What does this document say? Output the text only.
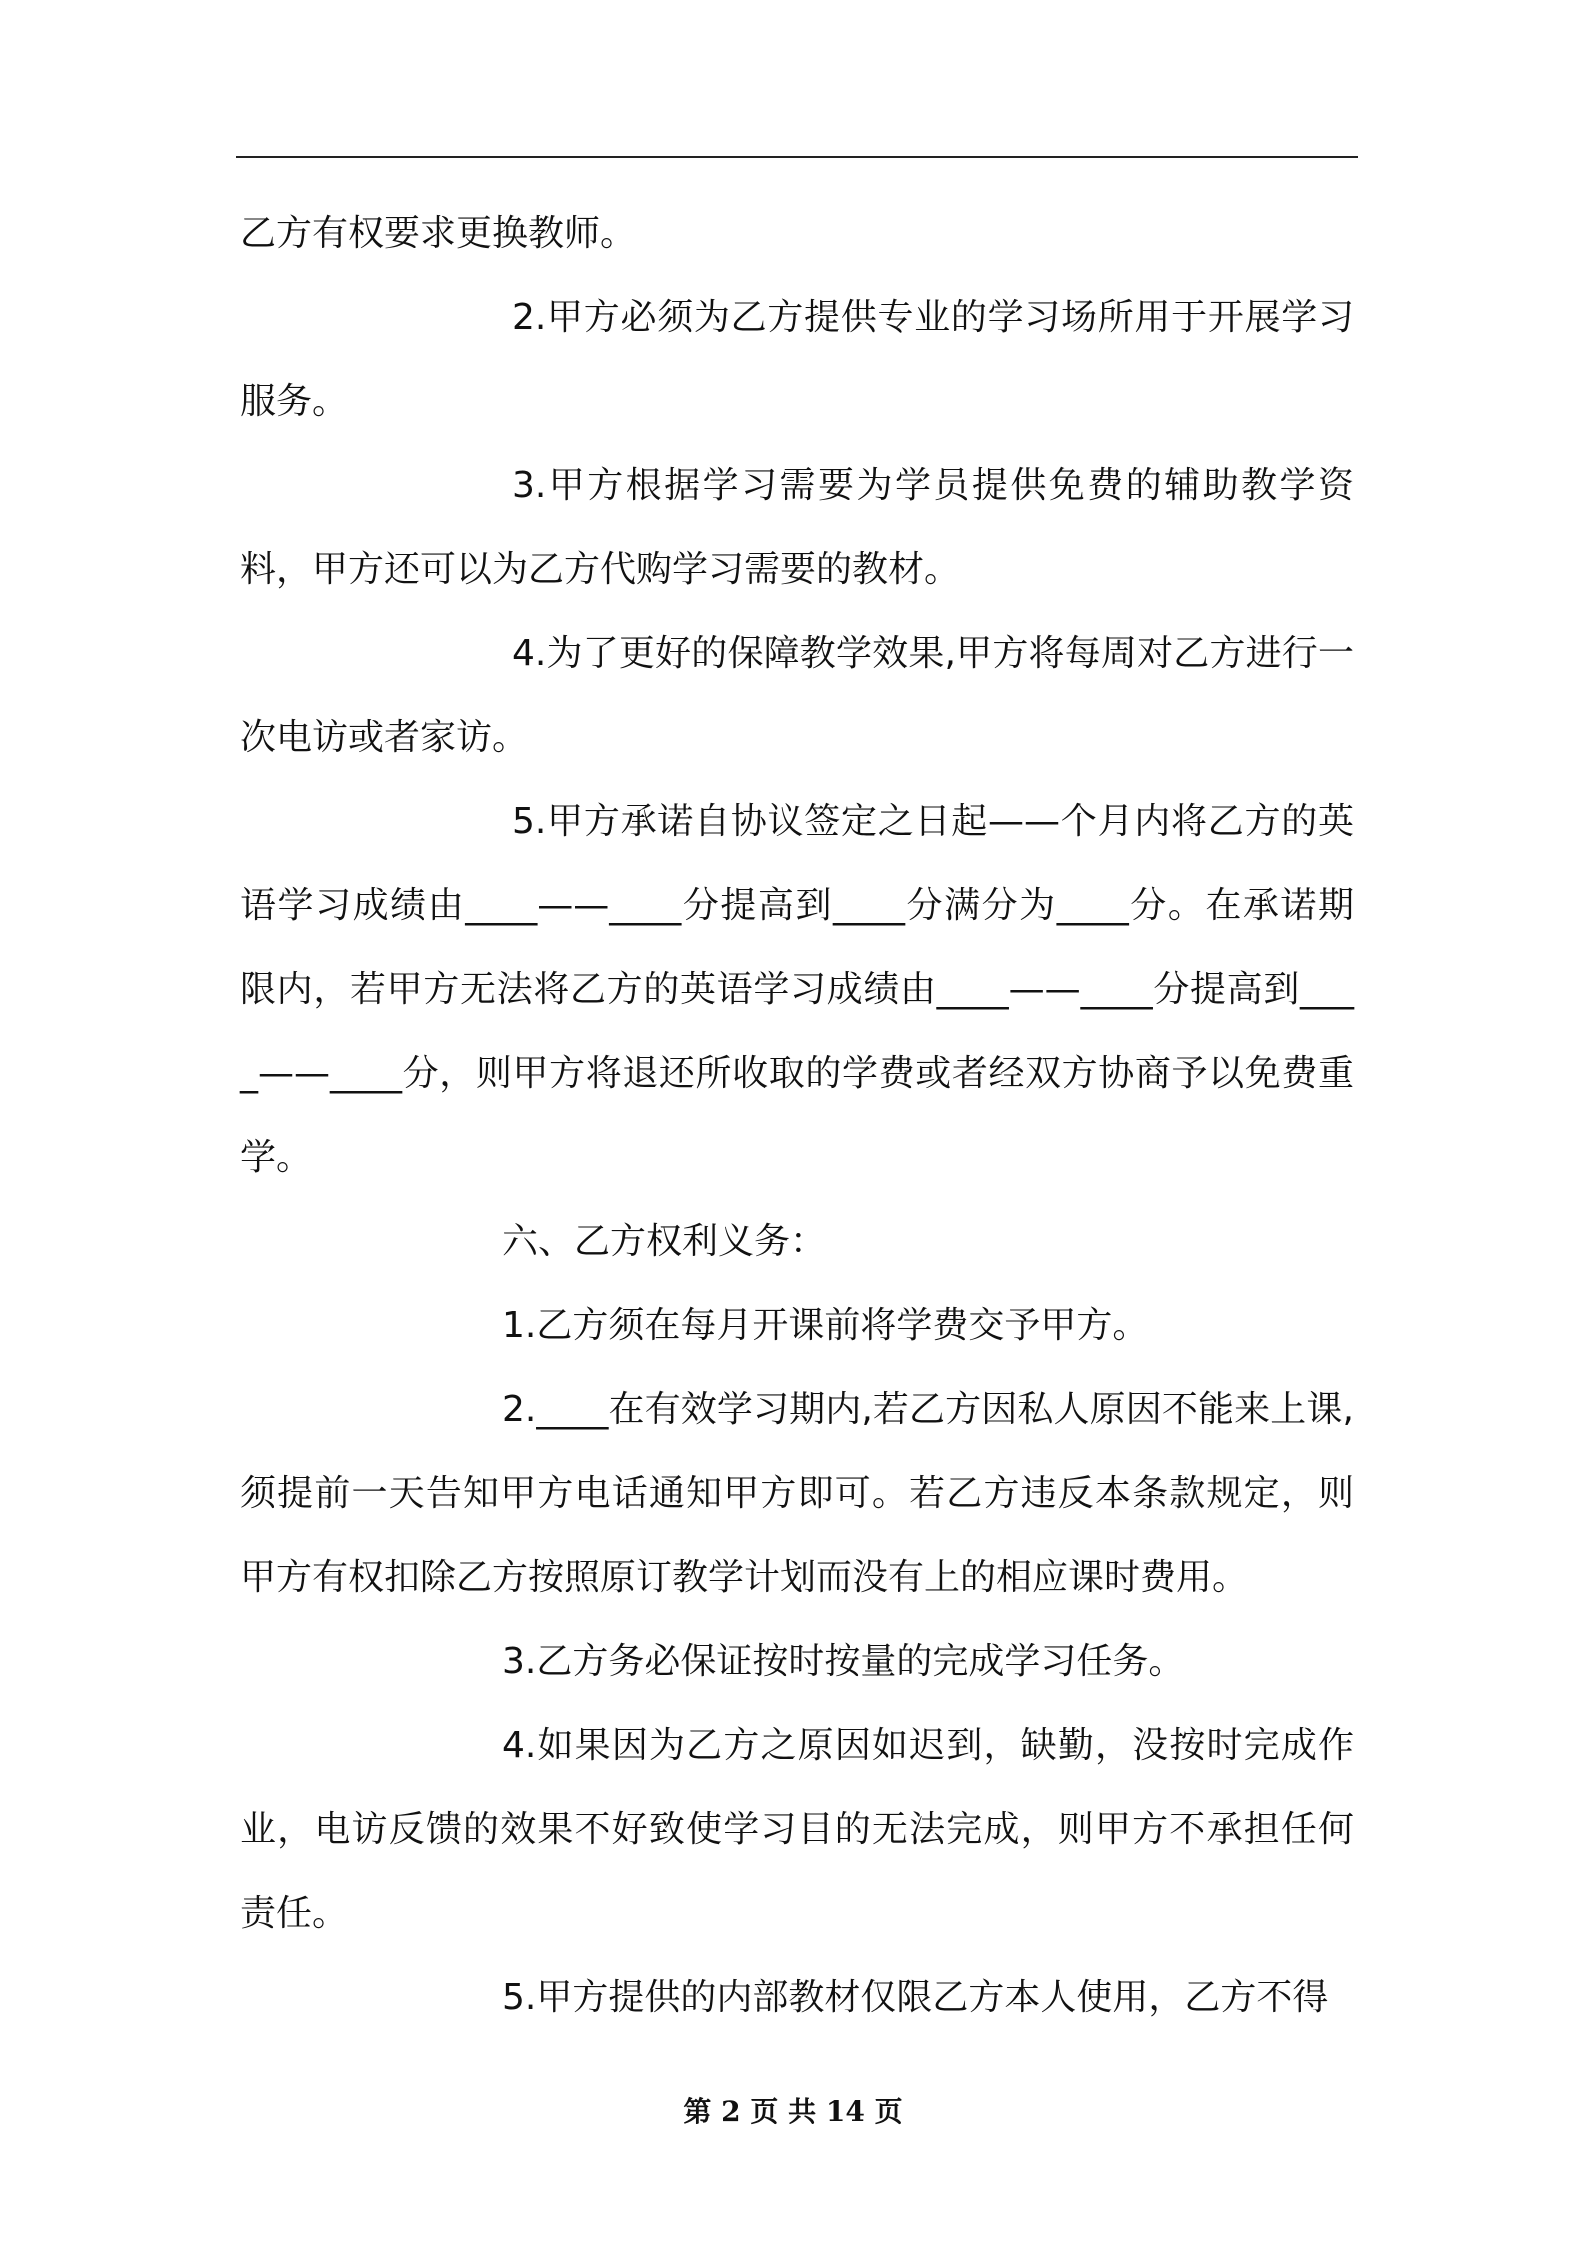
乙方有权要求更换教师。

2.甲方必须为乙方提供专业的学习场所用于开展学习服务。

3.甲方根据学习需要为学员提供免费的辅助教学资料，甲方还可以为乙方代购学习需要的教材。

4.为了更好的保障教学效果,甲方将每周对乙方进行一次电访或者家访。

5.甲方承诺自协议签定之日起——个月内将乙方的英语学习成绩由____——____分提高到____分满分为____分。在承诺期限内，若甲方无法将乙方的英语学习成绩由____——____分提高到____——____分，则甲方将退还所收取的学费或者经双方协商予以免费重学。

六、乙方权利义务：

1.乙方须在每月开课前将学费交予甲方。

2.____在有效学习期内,若乙方因私人原因不能来上课,须提前一天告知甲方电话通知甲方即可。若乙方违反本条款规定，则甲方有权扣除乙方按照原订教学计划而没有上的相应课时费用。

3.乙方务必保证按时按量的完成学习任务。

4.如果因为乙方之原因如迟到，缺勤，没按时完成作业，电访反馈的效果不好致使学习目的无法完成，则甲方不承担任何责任。

5.甲方提供的内部教材仅限乙方本人使用，乙方不得

第 2 页 共 14 页
